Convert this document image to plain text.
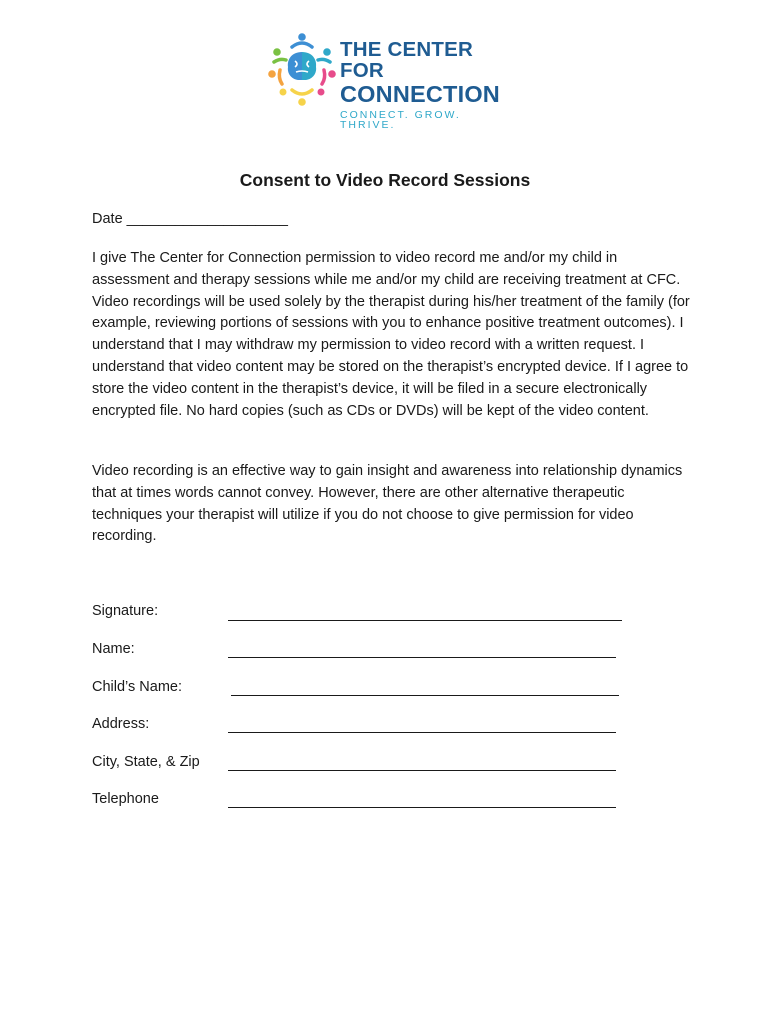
THE CENTER FOR
CONNECTION
CONNECT. GROW. THRIVE.
Consent to Video Record Sessions
Date ____________________

I give The Center for Connection permission to video record me and/or my child in assessment and therapy sessions while me and/or my child are receiving treatment at CFC. Video recordings will be used solely by the therapist during his/her treatment of the family (for example, reviewing portions of sessions with you to enhance positive treatment outcomes). I understand that I may withdraw my permission to video record with a written request. I understand that video content may be stored on the therapist’s encrypted device. If I agree to store the video content in the therapist’s device, it will be filed in a secure electronically encrypted file. No hard copies (such as CDs or DVDs) will be kept of the video content.

Video recording is an effective way to gain insight and awareness into relationship dynamics that at times words cannot convey. However, there are other alternative therapeutic techniques your therapist will utilize if you do not choose to give permission for video recording.

Signature:
Name:
Child’s Name:
Address:
City, State, & Zip
Telephone
